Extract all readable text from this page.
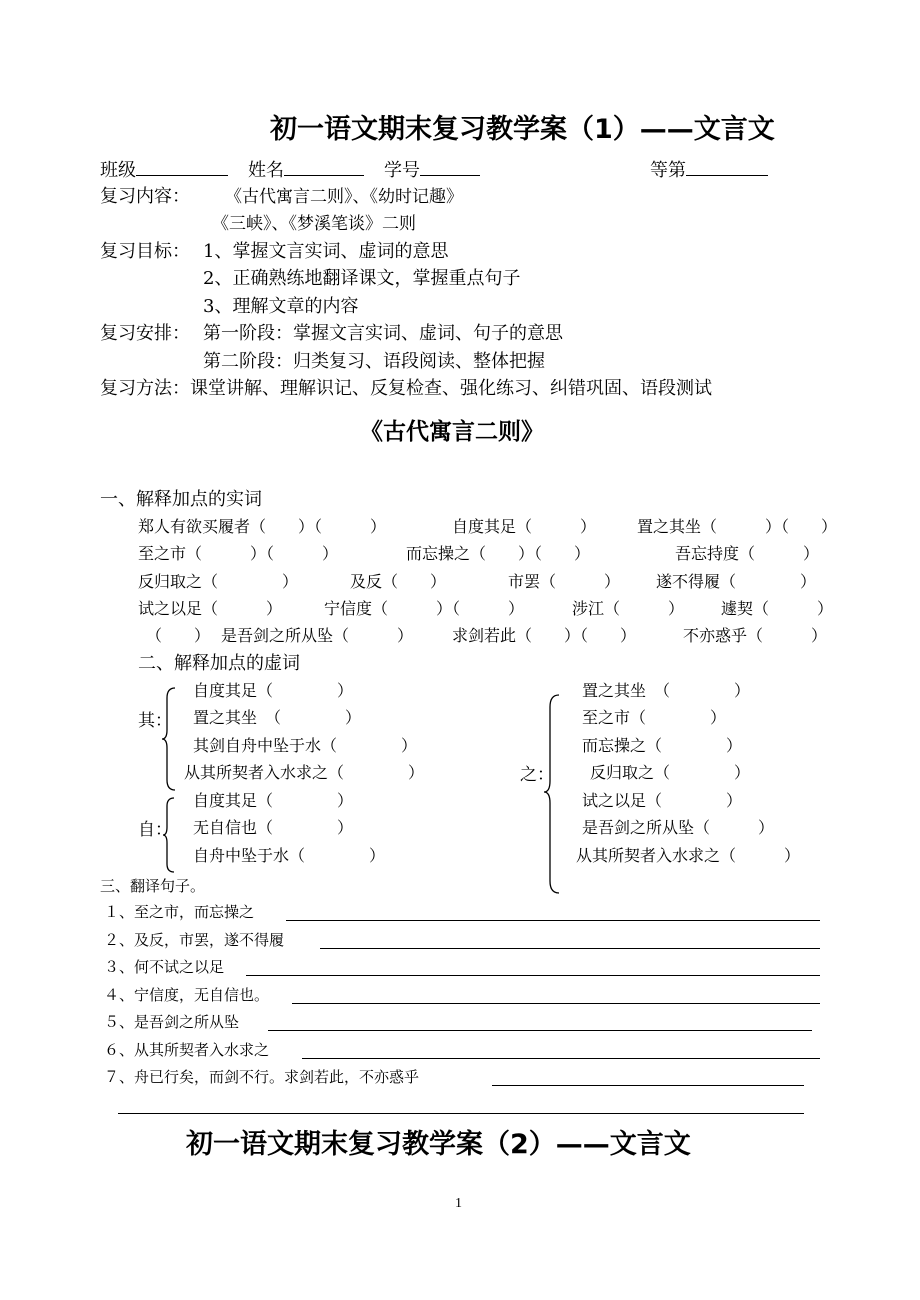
初一语文期末复习教学案（1）——文言文
班级	姓名	学号	等第
复习内容： 《古代寓言二则》、《幼时记趣》
《三峡》、《梦溪笔谈》二则
复习目标： 1、掌握文言实词、虚词的意思
2、正确熟练地翻译课文，掌握重点句子
3、理解文章的内容
复习安排： 第一阶段：掌握文言实词、虚词、句子的意思
第二阶段：归类复习、语段阅读、整体把握
复习方法：课堂讲解、理解识记、反复检查、强化练习、纠错巩固、语段测试
《古代寓言二则》
一、解释加点的实词
郑人有欲买履者（　　）（　　　）	自度其足（　　　）	置之其坐（　　　）（　　）
至之市（　　　）（　　　）	而忘操之（　　）（　　）	吾忘持度（　　　）
反归取之（　　　　）	及反（　　）	市罢（　　　） 遂不得履（　　　　）
试之以足（　　　）	宁信度（　　　）（　　　）	涉江（　　　） 遽契（　　　）
（　　） 是吾剑之所从坠（　　　） 求剑若此（　　）（　　）	不亦惑乎（　　　）
二、解释加点的虚词
其：
自度其足（　　　　）
置之其坐　（　　　　）
其剑自舟中坠于水（　　　　）
从其所契者入水求之（　　　　）
自：
自度其足（　　　　）
无自信也（　　　　）
自舟中坠于水（　　　　）
之：
置之其坐　（　　　　）
至之市（　　　　）
而忘操之（　　　　）
反归取之（　　　　）
试之以足（　　　　）
是吾剑之所从坠（　　　）
从其所契者入水求之（　　　）
三、翻译句子。
１、至之市，而忘操之
２、及反，市罢，遂不得履
３、何不试之以足
４、宁信度，无自信也。
５、是吾剑之所从坠
６、从其所契者入水求之
７、舟已行矣，而剑不行。求剑若此，不亦惑乎
初一语文期末复习教学案（2）——文言文
1
